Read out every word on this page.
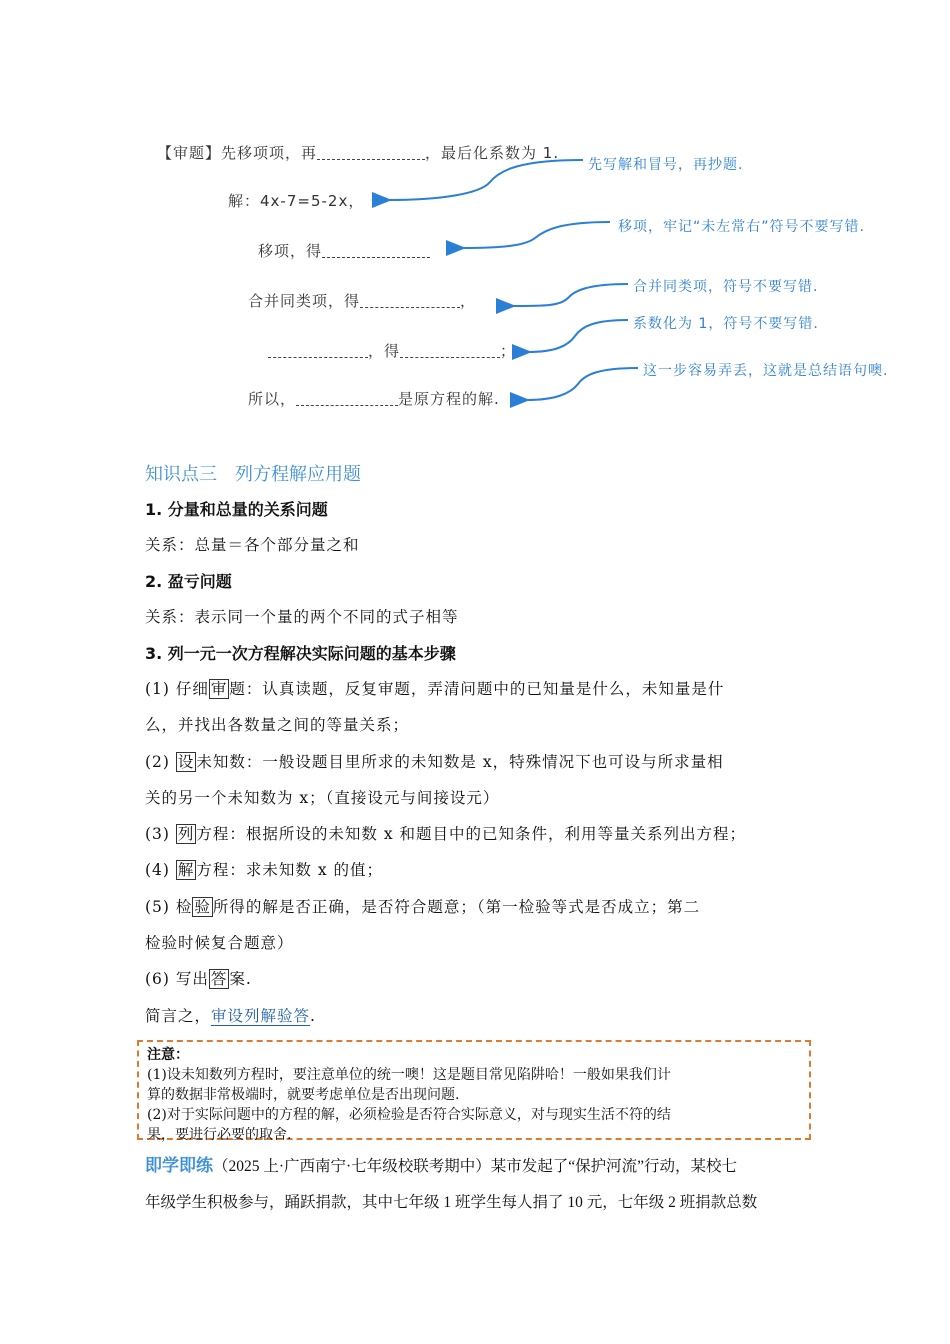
【审题】先移项项，再	，最后化系数为 1.
解：4x-7=5-2x，
移项，得
合并同类项，得	，
，得	；
所以，	是原方程的解.
先写解和冒号，再抄题.
移项，牢记“未左常右”符号不要写错.
合并同类项，符号不要写错.
系数化为 1，符号不要写错.
这一步容易弄丢，这就是总结语句噢.
知识点三　列方程解应用题
1. 分量和总量的关系问题
关系：总量＝各个部分量之和
2. 盈亏问题
关系：表示同一个量的两个不同的式子相等
3. 列一元一次方程解决实际问题的基本步骤
(1) 仔细 审 题：认真读题，反复审题，弄清问题中的已知量是什么，未知量是什
么，并找出各数量之间的等量关系；
(2) 设 未知数：一般设题目里所求的未知数是 x，特殊情况下也可设与所求量相
关的另一个未知数为 x；（直接设元与间接设元）
(3) 列 方程：根据所设的未知数 x 和题目中的已知条件，利用等量关系列出方程；
(4) 解 方程：求未知数 x 的值；
(5) 检 验 所得的解是否正确，是否符合题意；（第一检验等式是否成立；第二
检验时候复合题意）
(6) 写出 答 案.
简言之，审设列解验答.
注意：
(1)设未知数列方程时，要注意单位的统一噢！这是题目常见陷阱哈！一般如果我们计
算的数据非常极端时，就要考虑单位是否出现问题.
(2)对于实际问题中的方程的解，必须检验是否符合实际意义，对与现实生活不符的结
果，要进行必要的取舍.
即学即练（2025 上·广西南宁·七年级校联考期中）某市发起了“保护河流”行动，某校七
年级学生积极参与，踊跃捐款，其中七年级 1 班学生每人捐了 10 元，七年级 2 班捐款总数
